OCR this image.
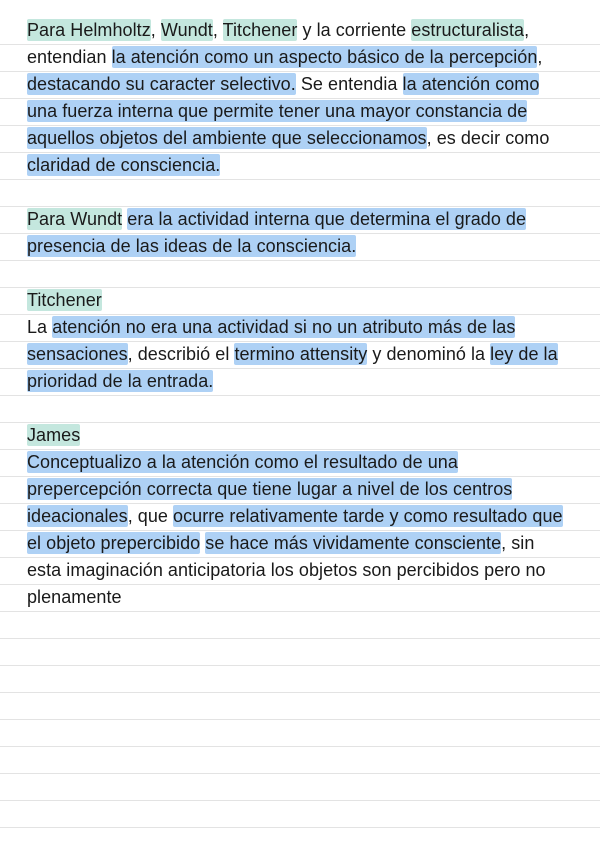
Para Helmholtz, Wundt, Titchener y la corriente estructuralista, entendian la atención como un aspecto básico de la percepción, destacando su caracter selectivo. Se entendia la atención como una fuerza interna que permite tener una mayor constancia de aquellos objetos del ambiente que seleccionamos, es decir como claridad de consciencia.

Para Wundt era la actividad interna que determina el grado de presencia de las ideas de la consciencia.

Titchener

La atención no era una actividad si no un atributo más de las sensaciones, describió el termino attensity y denominó la ley de la prioridad de la entrada.

James

Conceptualizo a la atención como el resultado de una prepercepción correcta que tiene lugar a nivel de los centros ideacionales, que ocurre relativamente tarde y como resultado que el objeto prepercibido se hace más vividamente consciente, sin esta imaginación anticipatoria los objetos son percibidos pero no plenamente
